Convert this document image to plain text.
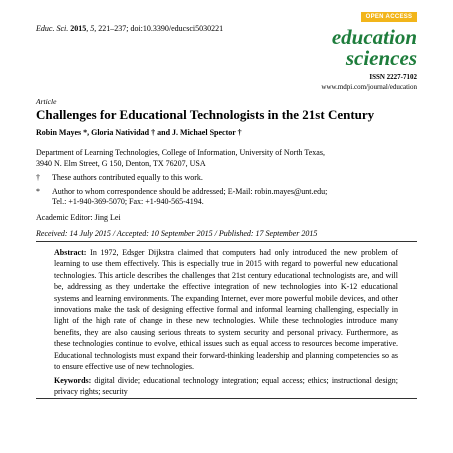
Educ. Sci. 2015, 5, 221–237; doi:10.3390/educsci5030221
OPEN ACCESS
education
sciences
ISSN 2227-7102
www.mdpi.com/journal/education
Article
Challenges for Educational Technologists in the 21st Century
Robin Mayes *, Gloria Natividad † and J. Michael Spector †
Department of Learning Technologies, College of Information, University of North Texas,
3940 N. Elm Street, G 150, Denton, TX 76207, USA
† These authors contributed equally to this work.
* Author to whom correspondence should be addressed; E-Mail: robin.mayes@unt.edu;
Tel.: +1-940-369-5070; Fax: +1-940-565-4194.
Academic Editor: Jing Lei
Received: 14 July 2015 / Accepted: 10 September 2015 / Published: 17 September 2015
Abstract: In 1972, Edsger Dijkstra claimed that computers had only introduced the new problem of learning to use them effectively. This is especially true in 2015 with regard to powerful new educational technologies. This article describes the challenges that 21st century educational technologists are, and will be, addressing as they undertake the effective integration of new technologies into K-12 educational systems and learning environments. The expanding Internet, ever more powerful mobile devices, and other innovations make the task of designing effective formal and informal learning challenging, especially in light of the high rate of change in these new technologies. While these technologies introduce many benefits, they are also causing serious threats to system security and personal privacy. Furthermore, as these technologies continue to evolve, ethical issues such as equal access to resources become imperative. Educational technologists must expand their forward-thinking leadership and planning competencies so as to ensure effective use of new technologies.
Keywords: digital divide; educational technology integration; equal access; ethics; instructional design; privacy rights; security
